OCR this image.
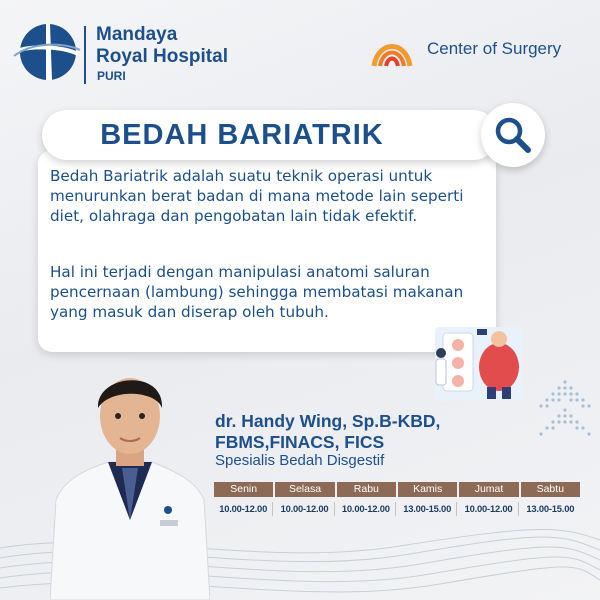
Mandaya
Royal Hospital
PURI
Center of Surgery
Bedah Bariatrik adalah suatu teknik operasi untuk menurunkan berat badan di mana metode lain seperti diet, olahraga dan pengobatan lain tidak efektif.
Hal ini terjadi dengan manipulasi anatomi saluran pencernaan (lambung) sehingga membatasi makanan yang masuk dan diserap oleh tubuh.
BEDAH BARIATRIK
dr. Handy Wing, Sp.B-KBD,
FBMS,FINACS, FICS
Spesialis Bedah Disgestif
Senin	Selasa	Rabu	Kamis	Jumat	Sabtu
10.00-12.00	10.00-12.00	10.00-12.00	13.00-15.00	10.00-12.00	13.00-15.00
